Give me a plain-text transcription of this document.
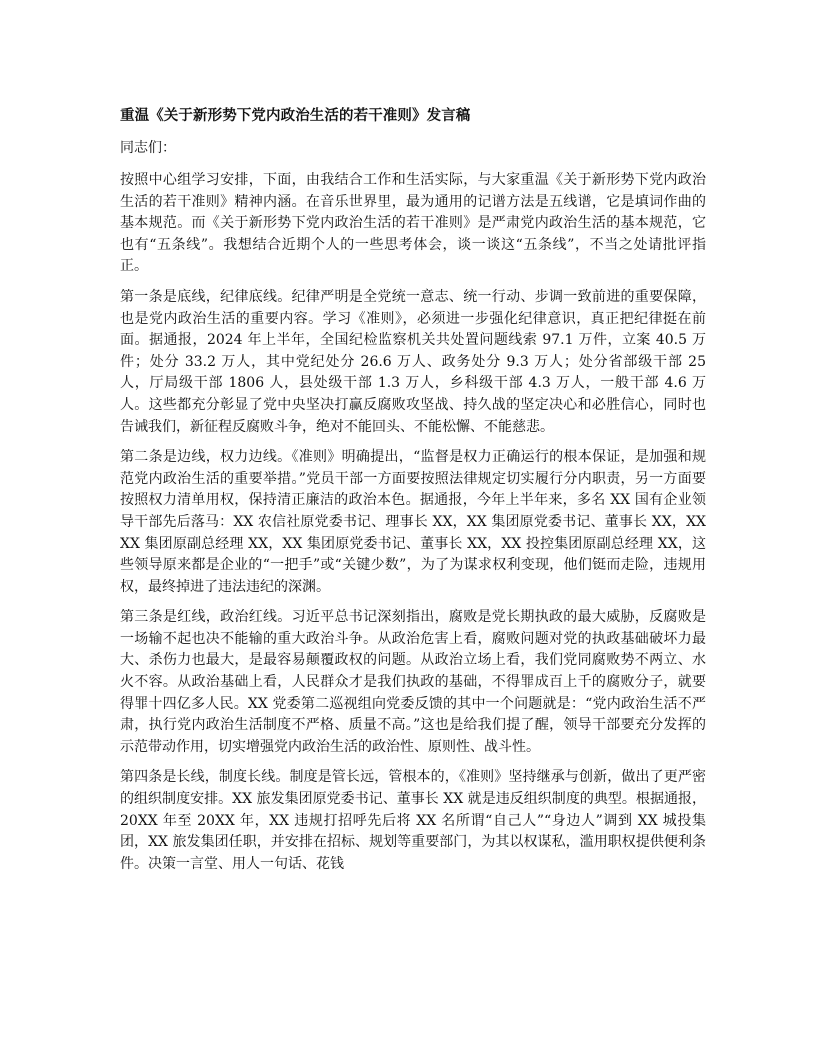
重温《关于新形势下党内政治生活的若干准则》发言稿
同志们：

按照中心组学习安排，下面，由我结合工作和生活实际，与大家重温《关于新形势下党内政治生活的若干准则》精神内涵。在音乐世界里，最为通用的记谱方法是五线谱，它是填词作曲的基本规范。而《关于新形势下党内政治生活的若干准则》是严肃党内政治生活的基本规范，它也有“五条线”。我想结合近期个人的一些思考体会，谈一谈这“五条线”，不当之处请批评指正。

第一条是底线，纪律底线。纪律严明是全党统一意志、统一行动、步调一致前进的重要保障，也是党内政治生活的重要内容。学习《准则》，必须进一步强化纪律意识，真正把纪律挺在前面。据通报，2024 年上半年，全国纪检监察机关共处置问题线索 97.1 万件，立案 40.5 万件；处分 33.2 万人，其中党纪处分 26.6 万人、政务处分 9.3 万人；处分省部级干部 25 人，厅局级干部 1806 人，县处级干部 1.3 万人，乡科级干部 4.3 万人，一般干部 4.6 万人。这些都充分彰显了党中央坚决打赢反腐败攻坚战、持久战的坚定决心和必胜信心，同时也告诫我们，新征程反腐败斗争，绝对不能回头、不能松懈、不能慈悲。

第二条是边线，权力边线。《准则》明确提出，“监督是权力正确运行的根本保证，是加强和规范党内政治生活的重要举措。”党员干部一方面要按照法律规定切实履行分内职责，另一方面要按照权力清单用权，保持清正廉洁的政治本色。据通报，今年上半年来，多名 XX 国有企业领导干部先后落马：XX 农信社原党委书记、理事长 XX，XX 集团原党委书记、董事长 XX，XXXX 集团原副总经理 XX，XX 集团原党委书记、董事长 XX，XX 投控集团原副总经理 XX，这些领导原来都是企业的“一把手”或“关键少数”，为了为谋求权利变现，他们铤而走险，违规用权，最终掉进了违法违纪的深渊。

第三条是红线，政治红线。习近平总书记深刻指出，腐败是党长期执政的最大威胁，反腐败是一场输不起也决不能输的重大政治斗争。从政治危害上看，腐败问题对党的执政基础破坏力最大、杀伤力也最大，是最容易颠覆政权的问题。从政治立场上看，我们党同腐败势不两立、水火不容。从政治基础上看，人民群众才是我们执政的基础，不得罪成百上千的腐败分子，就要得罪十四亿多人民。XX 党委第二巡视组向党委反馈的其中一个问题就是：“党内政治生活不严肃，执行党内政治生活制度不严格、质量不高。”这也是给我们提了醒，领导干部要充分发挥的示范带动作用，切实增强党内政治生活的政治性、原则性、战斗性。

第四条是长线，制度长线。制度是管长远，管根本的，《准则》坚持继承与创新，做出了更严密的组织制度安排。XX 旅发集团原党委书记、董事长 XX 就是违反组织制度的典型。根据通报，20XX 年至 20XX 年，XX 违规打招呼先后将 XX 名所谓“自己人”“身边人”调到 XX 城投集团，XX 旅发集团任职，并安排在招标、规划等重要部门，为其以权谋私，滥用职权提供便利条件。决策一言堂、用人一句话、花钱
